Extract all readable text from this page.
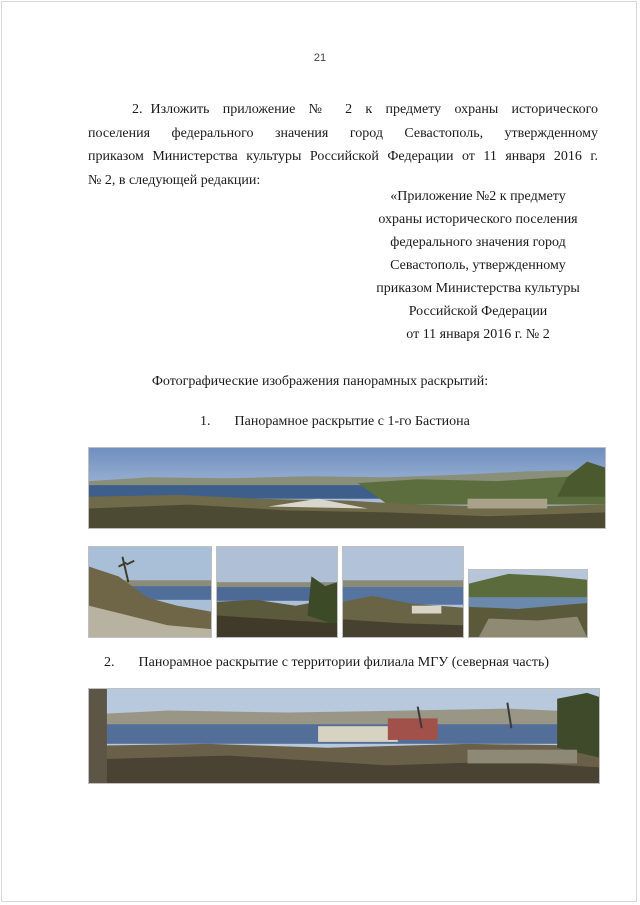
21
2. Изложить приложение № 2 к предмету охраны исторического
поселения федерального значения город Севастополь, утвержденному
приказом Министерства культуры Российской Федерации от 11 января 2016 г.
№ 2, в следующей редакции:
«Приложение №2 к предмету
охраны исторического поселения
федерального значения город
Севастополь, утвержденному
приказом Министерства культуры
Российской Федерации
от 11 января 2016 г. № 2
Фотографические изображения панорамных раскрытий:
1. Панорамное раскрытие с 1-го Бастиона
2. Панорамное раскрытие с территории филиала МГУ (северная часть)
